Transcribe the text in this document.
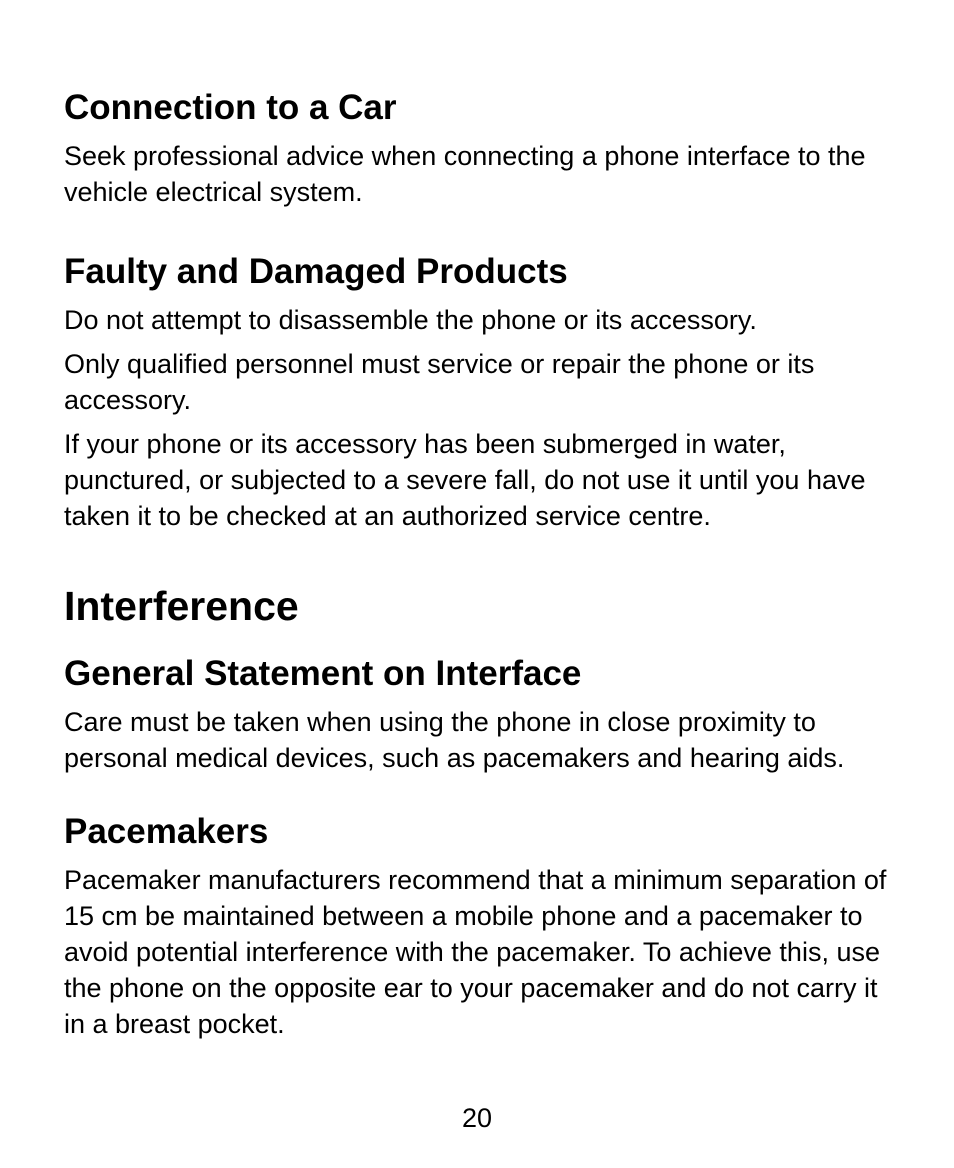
Connection to a Car

Seek professional advice when connecting a phone interface to the vehicle electrical system.

Faulty and Damaged Products

Do not attempt to disassemble the phone or its accessory.

Only qualified personnel must service or repair the phone or its accessory.

If your phone or its accessory has been submerged in water, punctured, or subjected to a severe fall, do not use it until you have taken it to be checked at an authorized service centre.

Interference
General Statement on Interface

Care must be taken when using the phone in close proximity to personal medical devices, such as pacemakers and hearing aids.

Pacemakers

Pacemaker manufacturers recommend that a minimum separation of 15 cm be maintained between a mobile phone and a pacemaker to avoid potential interference with the pacemaker. To achieve this, use the phone on the opposite ear to your pacemaker and do not carry it in a breast pocket.

20
